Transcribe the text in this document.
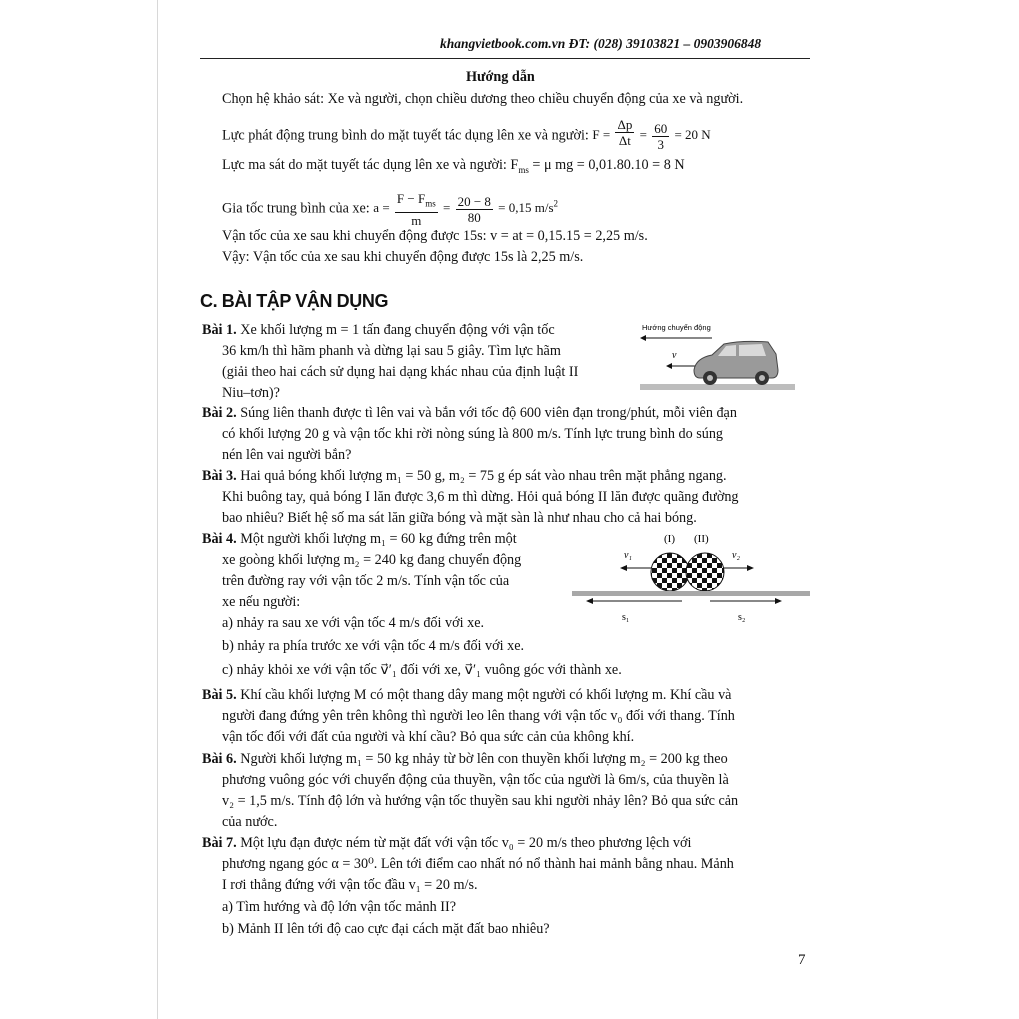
khangvietbook.com.vn ĐT: (028) 39103821 – 0903906848
Hướng dẫn
Chọn hệ khảo sát: Xe và người, chọn chiều dương theo chiều chuyển động của xe và người.
Lực phát động trung bình do mặt tuyết tác dụng lên xe và người: $F = \frac{\Delta p}{\Delta t} = \frac{60}{3} = 20$ N
Lực ma sát do mặt tuyết tác dụng lên xe và người: $F_{ms} = \mu$ mg = 0,01.80.10 = 8 N
Gia tốc trung bình của xe: $a = \frac{F - F_{ms}}{m} = \frac{20 - 8}{80} = 0,15$ $m/s^2$
Vận tốc của xe sau khi chuyển động được 15s: v = at = 0,15.15 = 2,25 m/s.
Vậy: Vận tốc của xe sau khi chuyển động được 15s là 2,25 m/s.
C. BÀI TẬP VẬN DỤNG
Bài 1. Xe khối lượng m = 1 tấn đang chuyển động với vận tốc
36 km/h thì hãm phanh và dừng lại sau 5 giây. Tìm lực hãm
(giải theo hai cách sử dụng hai dạng khác nhau của định luật II
Niu–tơn)?
Hướng chuyển động
v
Bài 2. Súng liên thanh được tì lên vai và bắn với tốc độ 600 viên đạn trong/phút, mỗi viên đạn
có khối lượng 20 g và vận tốc khi rời nòng súng là 800 m/s. Tính lực trung bình do súng
nén lên vai người bắn?
Bài 3. Hai quả bóng khối lượng m₁ = 50 g, m₂ = 75 g ép sát vào nhau trên mặt phẳng ngang.
Khi buông tay, quả bóng I lăn được 3,6 m thì dừng. Hỏi quả bóng II lăn được quãng đường
bao nhiêu? Biết hệ số ma sát lăn giữa bóng và mặt sàn là như nhau cho cả hai bóng.
Bài 4. Một người khối lượng m₁ = 60 kg đứng trên một
xe goòng khối lượng m₂ = 240 kg đang chuyển động
trên đường ray với vận tốc 2 m/s. Tính vận tốc của
xe nếu người:
a) nhảy ra sau xe với vận tốc 4 m/s đối với xe.
b) nhảy ra phía trước xe với vận tốc 4 m/s đối với xe.
c) nhảy khỏi xe với vận tốc v⃗′₁ đối với xe, v⃗′₁ vuông góc với thành xe.
(I) (II)
v₁	v₂
s₁	s₂
Bài 5. Khí cầu khối lượng M có một thang dây mang một người có khối lượng m. Khí cầu và
người đang đứng yên trên không thì người leo lên thang với vận tốc v₀ đối với thang. Tính
vận tốc đối với đất của người và khí cầu? Bỏ qua sức cản của không khí.
Bài 6. Người khối lượng m₁ = 50 kg nhảy từ bờ lên con thuyền khối lượng m₂ = 200 kg theo
phương vuông góc với chuyển động của thuyền, vận tốc của người là 6m/s, của thuyền là
v₂ = 1,5 m/s. Tính độ lớn và hướng vận tốc thuyền sau khi người nhảy lên? Bỏ qua sức cản
của nước.
Bài 7. Một lựu đạn được ném từ mặt đất với vận tốc v₀ = 20 m/s theo phương lệch với
phương ngang góc α = 30⁰. Lên tới điểm cao nhất nó nổ thành hai mảnh bằng nhau. Mảnh
I rơi thẳng đứng với vận tốc đầu v₁ = 20 m/s.
a) Tìm hướng và độ lớn vận tốc mảnh II?
b) Mảnh II lên tới độ cao cực đại cách mặt đất bao nhiêu?
7
